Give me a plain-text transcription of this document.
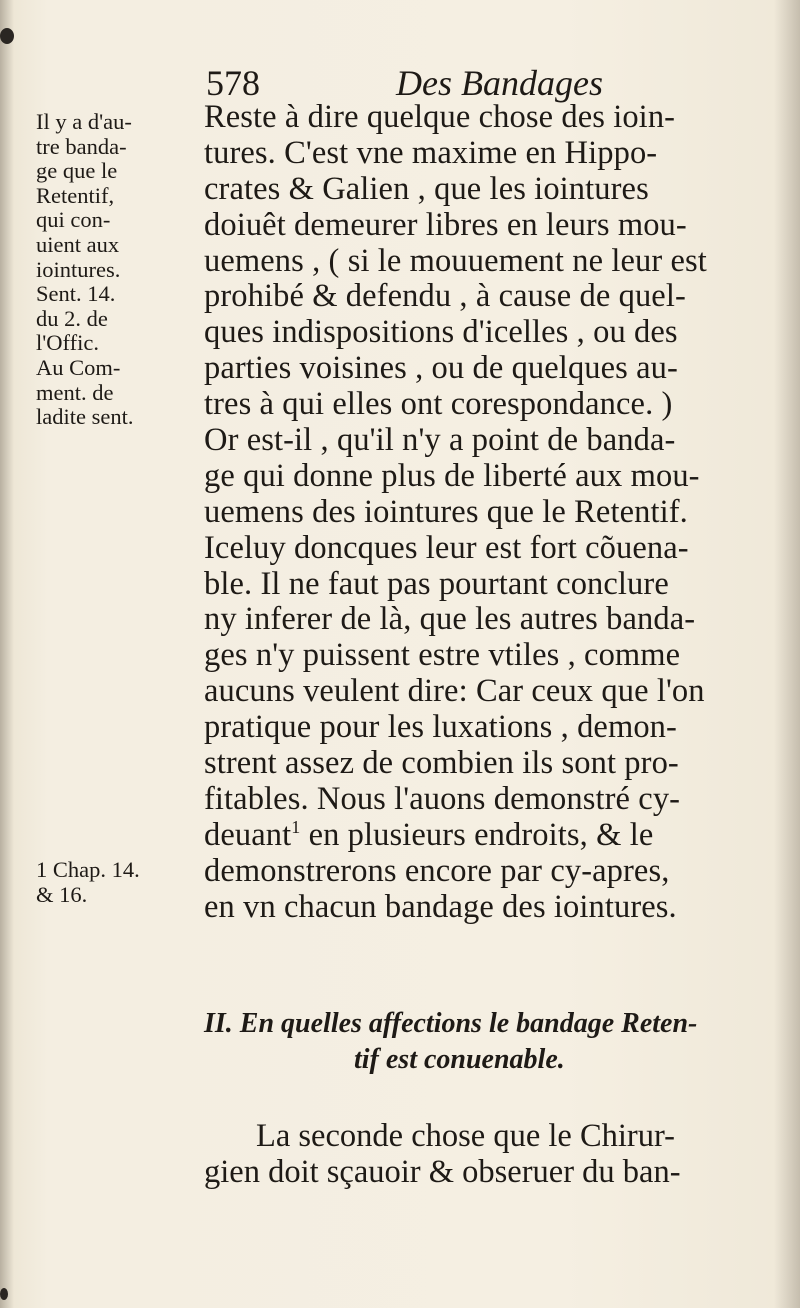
578	Des Bandages
Il y a d'au-
tre banda-
ge que le
Retentif,
qui con-
uient aux
iointures.
Sent. 14.
du 2. de
l'Offic.
Au Com-
ment. de
ladite sent.
1 Chap. 14.
& 16.
Reste à dire quelque chose des ioin-
tures. C'est vne maxime en Hippo-
crates & Galien , que les iointures
doiuêt demeurer libres en leurs mou-
uemens , ( si le mouuement ne leur est
prohibé & defendu , à cause de quel-
ques indispositions d'icelles , ou des
parties voisines , ou de quelques au-
tres à qui elles ont corespondance. )
Or est-il , qu'il n'y a point de banda-
ge qui donne plus de liberté aux mou-
uemens des iointures que le Retentif.
Iceluy doncques leur est fort cõuena-
ble. Il ne faut pas pourtant conclure
ny inferer de là, que les autres banda-
ges n'y puissent estre vtiles , comme
aucuns veulent dire: Car ceux que l'on
pratique pour les luxations , demon-
strent assez de combien ils sont pro-
fitables. Nous l'auons demonstré cy-
deuant$^1$ en plusieurs endroits, & le
demonstrerons encore par cy-apres,
en vn chacun bandage des iointures.
II. En quelles affections le bandage Reten-
tif est conuenable.
La seconde chose que le Chirur-
gien doit sçauoir & obseruer du ban-
